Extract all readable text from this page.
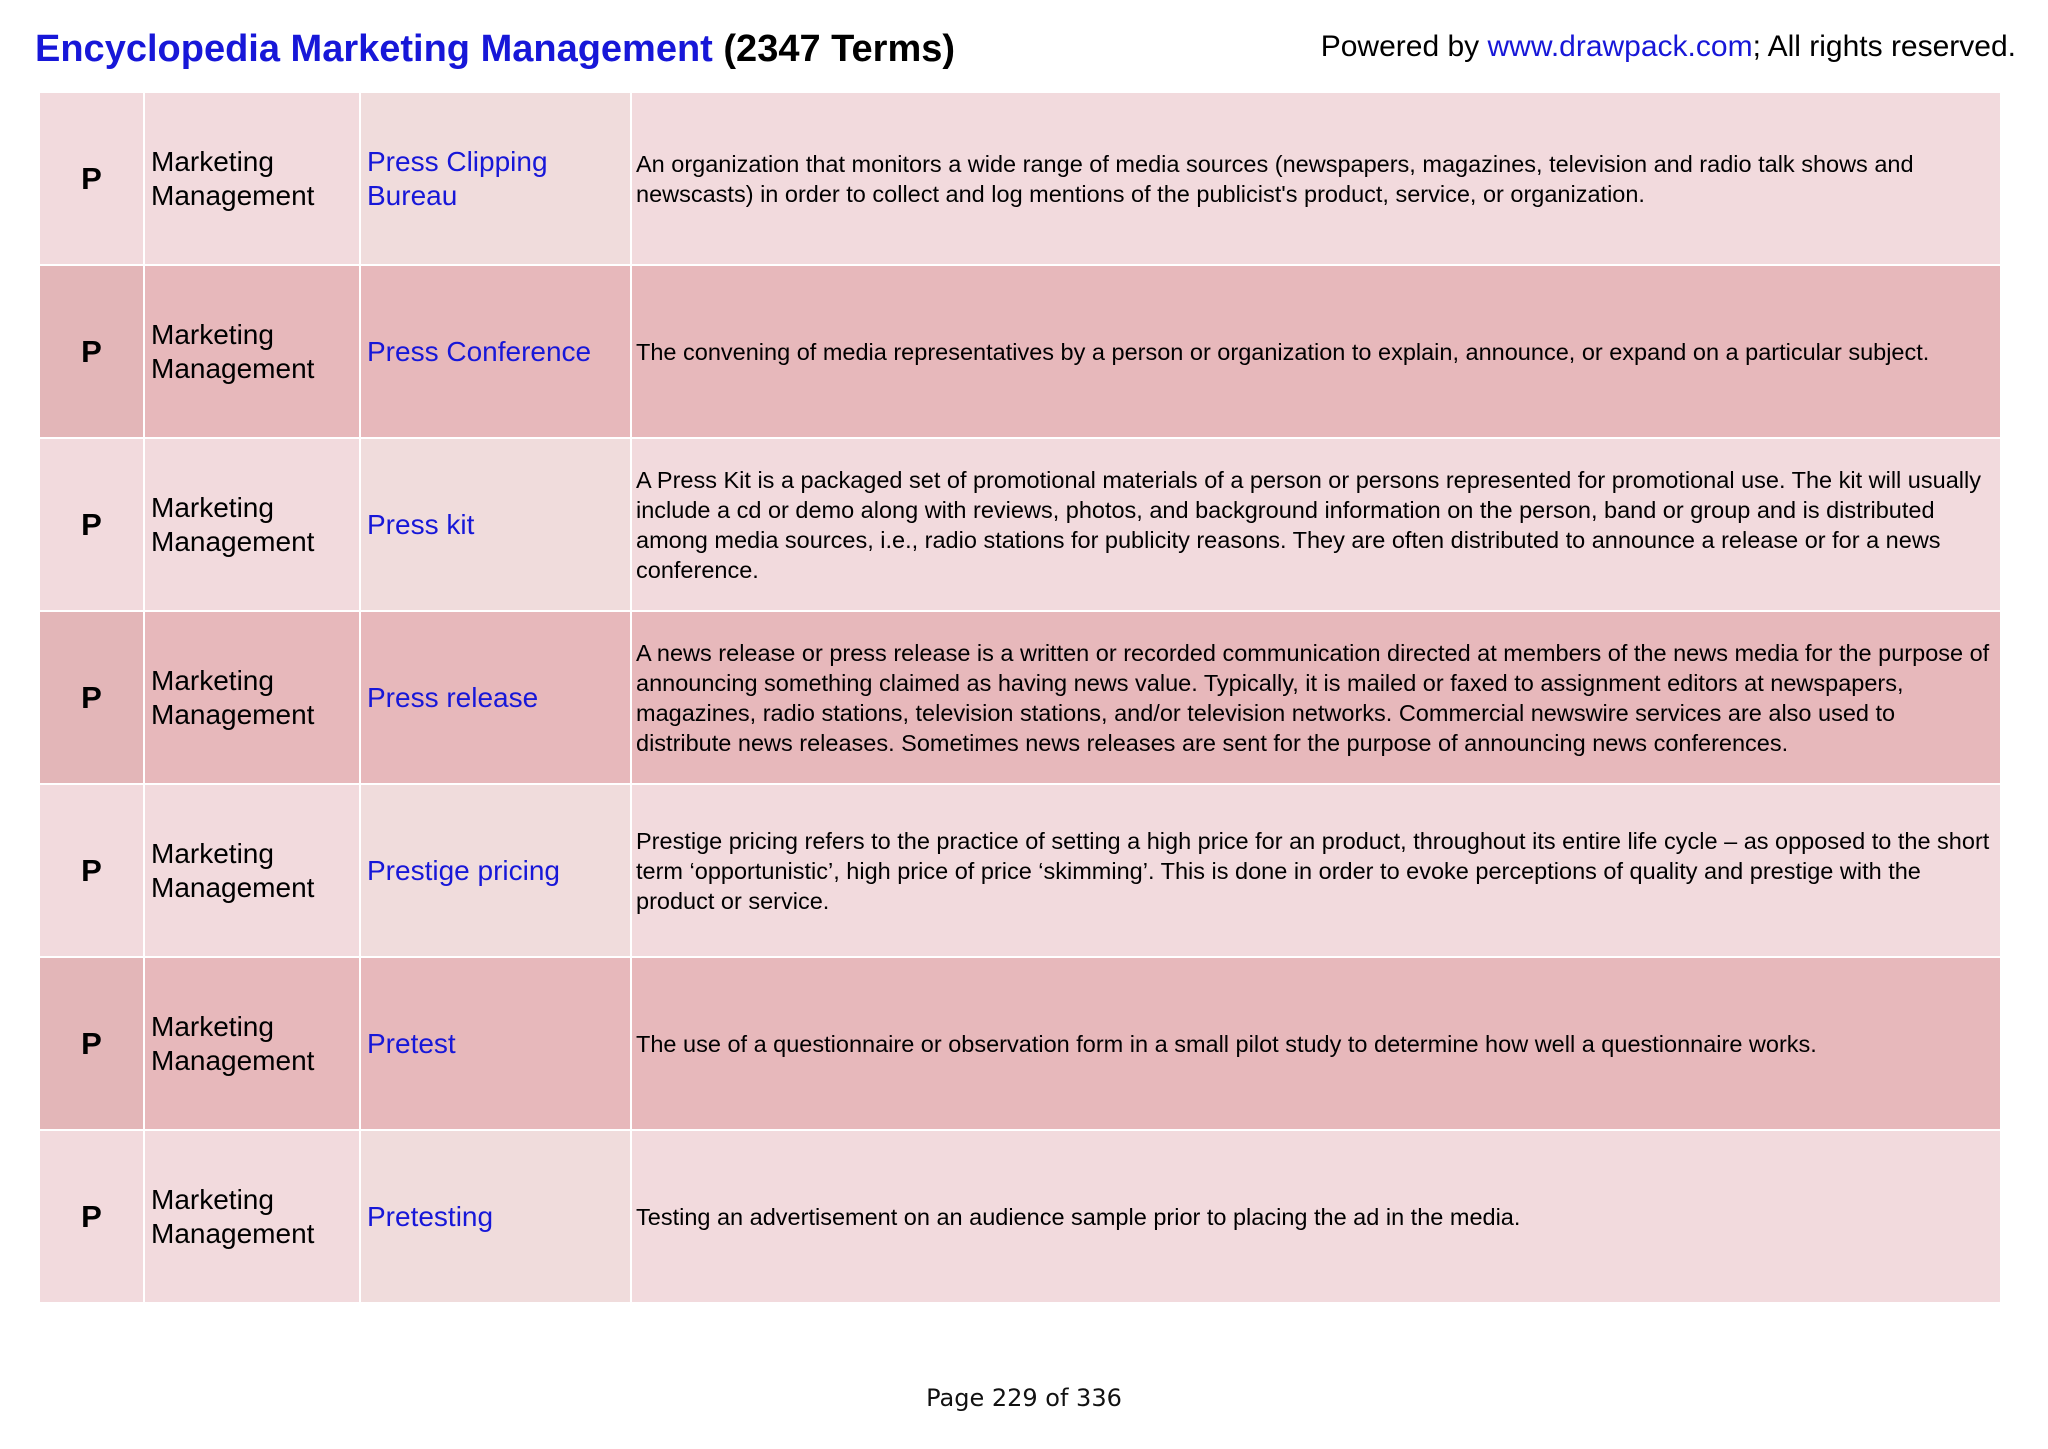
Encyclopedia Marketing Management (2347 Terms)	Powered by www.drawpack.com; All rights reserved.
P	Marketing Management	Press Clipping Bureau	An organization that monitors a wide range of media sources (newspapers, magazines, television and radio talk shows and newscasts) in order to collect and log mentions of the publicist's product, service, or organization.
P	Marketing Management	Press Conference	The convening of media representatives by a person or organization to explain, announce, or expand on a particular subject.
P	Marketing Management	Press kit	A Press Kit is a packaged set of promotional materials of a person or persons represented for promotional use. The kit will usually include a cd or demo along with reviews, photos, and background information on the person, band or group and is distributed among media sources, i.e., radio stations for publicity reasons. They are often distributed to announce a release or for a news conference.
P	Marketing Management	Press release	A news release or press release is a written or recorded communication directed at members of the news media for the purpose of announcing something claimed as having news value. Typically, it is mailed or faxed to assignment editors at newspapers, magazines, radio stations, television stations, and/or television networks. Commercial newswire services are also used to distribute news releases. Sometimes news releases are sent for the purpose of announcing news conferences.
P	Marketing Management	Prestige pricing	Prestige pricing refers to the practice of setting a high price for an product, throughout its entire life cycle – as opposed to the short term ‘opportunistic’, high price of price ‘skimming’. This is done in order to evoke perceptions of quality and prestige with the product or service.
P	Marketing Management	Pretest	The use of a questionnaire or observation form in a small pilot study to determine how well a questionnaire works.
P	Marketing Management	Pretesting	Testing an advertisement on an audience sample prior to placing the ad in the media.
Page 229 of 336
